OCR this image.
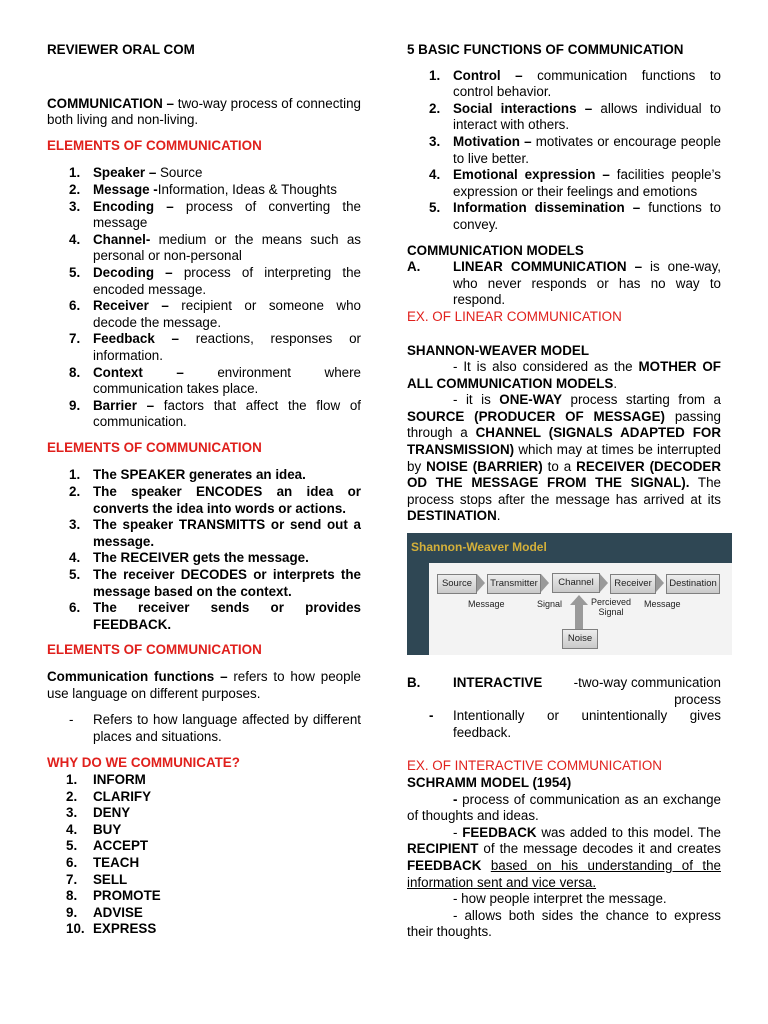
REVIEWER ORAL COM

COMMUNICATION – two-way process of connecting both living and non-living.

ELEMENTS OF COMMUNICATION

1. Speaker – Source
2. Message -Information, Ideas & Thoughts
3. Encoding – process of converting the message
4. Channel- medium or the means such as personal or non-personal
5. Decoding – process of interpreting the encoded message.
6. Receiver – recipient or someone who decode the message.
7. Feedback – reactions, responses or information.
8. Context – environment where communication takes place.
9. Barrier – factors that affect the flow of communication.

ELEMENTS OF COMMUNICATION

1. The SPEAKER generates an idea.
2. The speaker ENCODES an idea or converts the idea into words or actions.
3. The speaker TRANSMITTS or send out a message.
4. The RECEIVER gets the message.
5. The receiver DECODES or interprets the message based on the context.
6. The receiver sends or provides FEEDBACK.

ELEMENTS OF COMMUNICATION

Communication functions – refers to how people use language on different purposes.

- Refers to how language affected by different places and situations.

WHY DO WE COMMUNICATE?

1.	INFORM
2.	CLARIFY
3.	DENY
4.	BUY
5.	ACCEPT
6.	TEACH
7.	SELL
8.	PROMOTE
9.	ADVISE
10. EXPRESS

5 BASIC FUNCTIONS OF COMMUNICATION

1. Control – communication functions to control behavior.
2. Social interactions – allows individual to interact with others.
3. Motivation – motivates or encourage people to live better.
4. Emotional expression – facilities people’s expression or their feelings and emotions
5. Information dissemination – functions to convey.

COMMUNICATION MODELS

A. LINEAR COMMUNICATION – is one-way, who never responds or has no way to respond.

EX. OF LINEAR COMMUNICATION

SHANNON-WEAVER MODEL

- It is also considered as the MOTHER OF ALL COMMUNICATION MODELS.

- it is ONE-WAY process starting from a SOURCE (PRODUCER OF MESSAGE) passing through a CHANNEL (SIGNALS ADAPTED FOR TRANSMISSION) which may at times be interrupted by NOISE (BARRIER) to a RECEIVER (DECODER OD THE MESSAGE FROM THE SIGNAL). The process stops after the message has arrived at its DESTINATION.

Shannon-Weaver Model
Source	Transmitter	Channel	Receiver	Destination
Message	Signal	Percieved Signal
Message
Noise

B. INTERACTIVE	-two-way communication process

- Intentionally or unintentionally gives feedback.

EX. OF INTERACTIVE COMMUNICATION

SCHRAMM MODEL (1954)

- process of communication as an exchange of thoughts and ideas.

- FEEDBACK was added to this model. The RECIPIENT of the message decodes it and creates FEEDBACK based on his understanding of the information sent and vice versa.

- how people interpret the message.

- allows both sides the chance to express their thoughts.
